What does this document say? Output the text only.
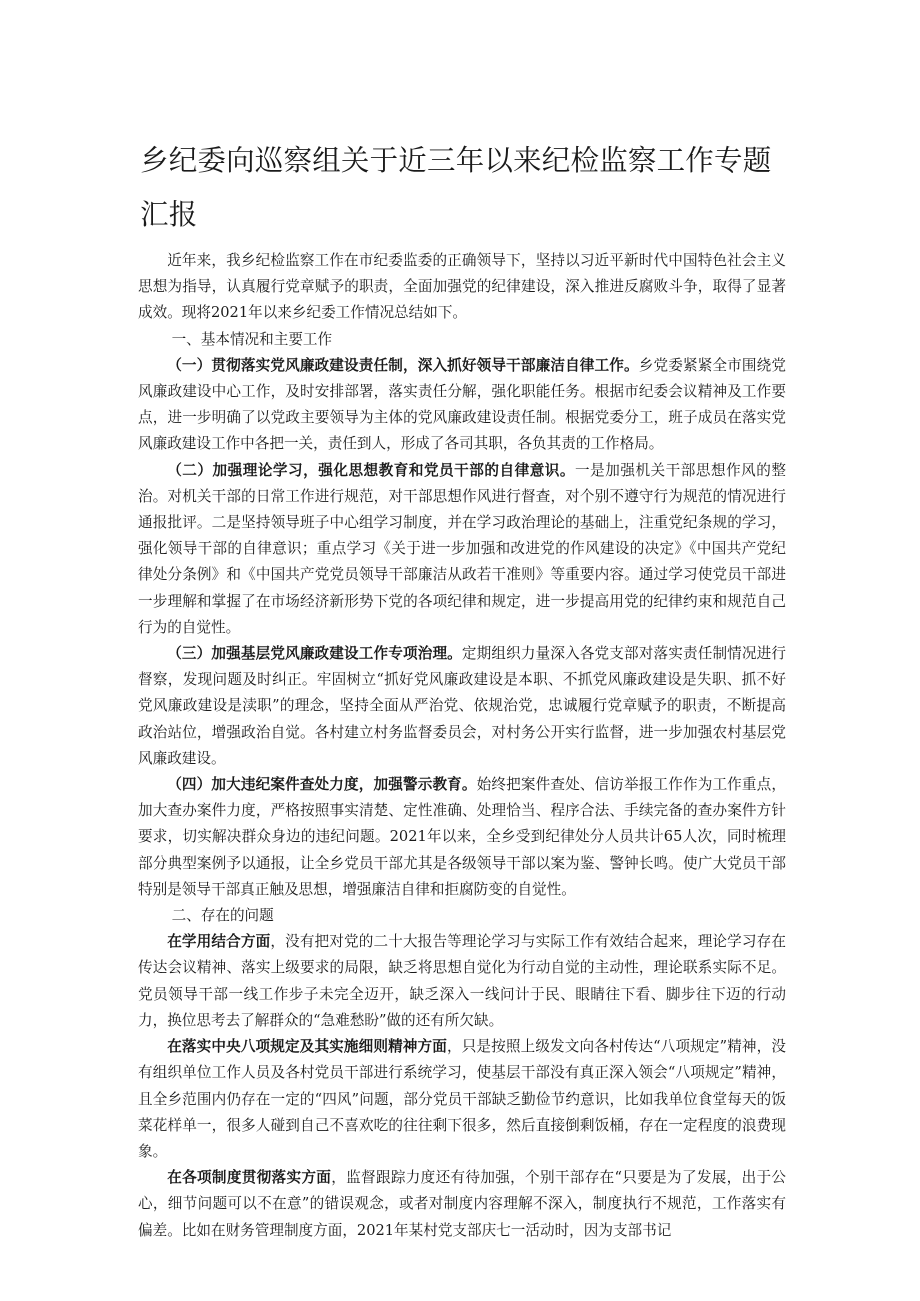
乡纪委向巡察组关于近三年以来纪检监察工作专题汇报

近年来，我乡纪检监察工作在市纪委监委的正确领导下，坚持以习近平新时代中国特色社会主义思想为指导，认真履行党章赋予的职责，全面加强党的纪律建设，深入推进反腐败斗争，取得了显著成效。现将2021年以来乡纪委工作情况总结如下。

一、基本情况和主要工作

（一）贯彻落实党风廉政建设责任制，深入抓好领导干部廉洁自律工作。乡党委紧紧全市围绕党风廉政建设中心工作，及时安排部署，落实责任分解，强化职能任务。根据市纪委会议精神及工作要点，进一步明确了以党政主要领导为主体的党风廉政建设责任制。根据党委分工，班子成员在落实党风廉政建设工作中各把一关，责任到人，形成了各司其职，各负其责的工作格局。

（二）加强理论学习，强化思想教育和党员干部的自律意识。一是加强机关干部思想作风的整治。对机关干部的日常工作进行规范，对干部思想作风进行督查，对个别不遵守行为规范的情况进行通报批评。二是坚持领导班子中心组学习制度，并在学习政治理论的基础上，注重党纪条规的学习，强化领导干部的自律意识；重点学习《关于进一步加强和改进党的作风建设的决定》《中国共产党纪律处分条例》和《中国共产党党员领导干部廉洁从政若干准则》等重要内容。通过学习使党员干部进一步理解和掌握了在市场经济新形势下党的各项纪律和规定，进一步提高用党的纪律约束和规范自己行为的自觉性。

（三）加强基层党风廉政建设工作专项治理。定期组织力量深入各党支部对落实责任制情况进行督察，发现问题及时纠正。牢固树立“抓好党风廉政建设是本职、不抓党风廉政建设是失职、抓不好党风廉政建设是渎职”的理念，坚持全面从严治党、依规治党，忠诚履行党章赋予的职责，不断提高政治站位，增强政治自觉。各村建立村务监督委员会，对村务公开实行监督，进一步加强农村基层党风廉政建设。

（四）加大违纪案件查处力度，加强警示教育。始终把案件查处、信访举报工作作为工作重点，加大查办案件力度，严格按照事实清楚、定性准确、处理恰当、程序合法、手续完备的查办案件方针要求，切实解决群众身边的违纪问题。2021年以来，全乡受到纪律处分人员共计65人次，同时梳理部分典型案例予以通报，让全乡党员干部尤其是各级领导干部以案为鉴、警钟长鸣。使广大党员干部特别是领导干部真正触及思想，增强廉洁自律和拒腐防变的自觉性。

二、存在的问题

在学用结合方面，没有把对党的二十大报告等理论学习与实际工作有效结合起来，理论学习存在传达会议精神、落实上级要求的局限，缺乏将思想自觉化为行动自觉的主动性，理论联系实际不足。党员领导干部一线工作步子未完全迈开，缺乏深入一线问计于民、眼睛往下看、脚步往下迈的行动力，换位思考去了解群众的“急难愁盼”做的还有所欠缺。

在落实中央八项规定及其实施细则精神方面，只是按照上级发文向各村传达“八项规定”精神，没有组织单位工作人员及各村党员干部进行系统学习，使基层干部没有真正深入领会“八项规定”精神，且全乡范围内仍存在一定的“四风”问题，部分党员干部缺乏勤俭节约意识，比如我单位食堂每天的饭菜花样单一，很多人碰到自己不喜欢吃的往往剩下很多，然后直接倒剩饭桶，存在一定程度的浪费现象。

在各项制度贯彻落实方面，监督跟踪力度还有待加强，个别干部存在“只要是为了发展，出于公心，细节问题可以不在意”的错误观念，或者对制度内容理解不深入，制度执行不规范，工作落实有偏差。比如在财务管理制度方面，2021年某村党支部庆七一活动时，因为支部书记
